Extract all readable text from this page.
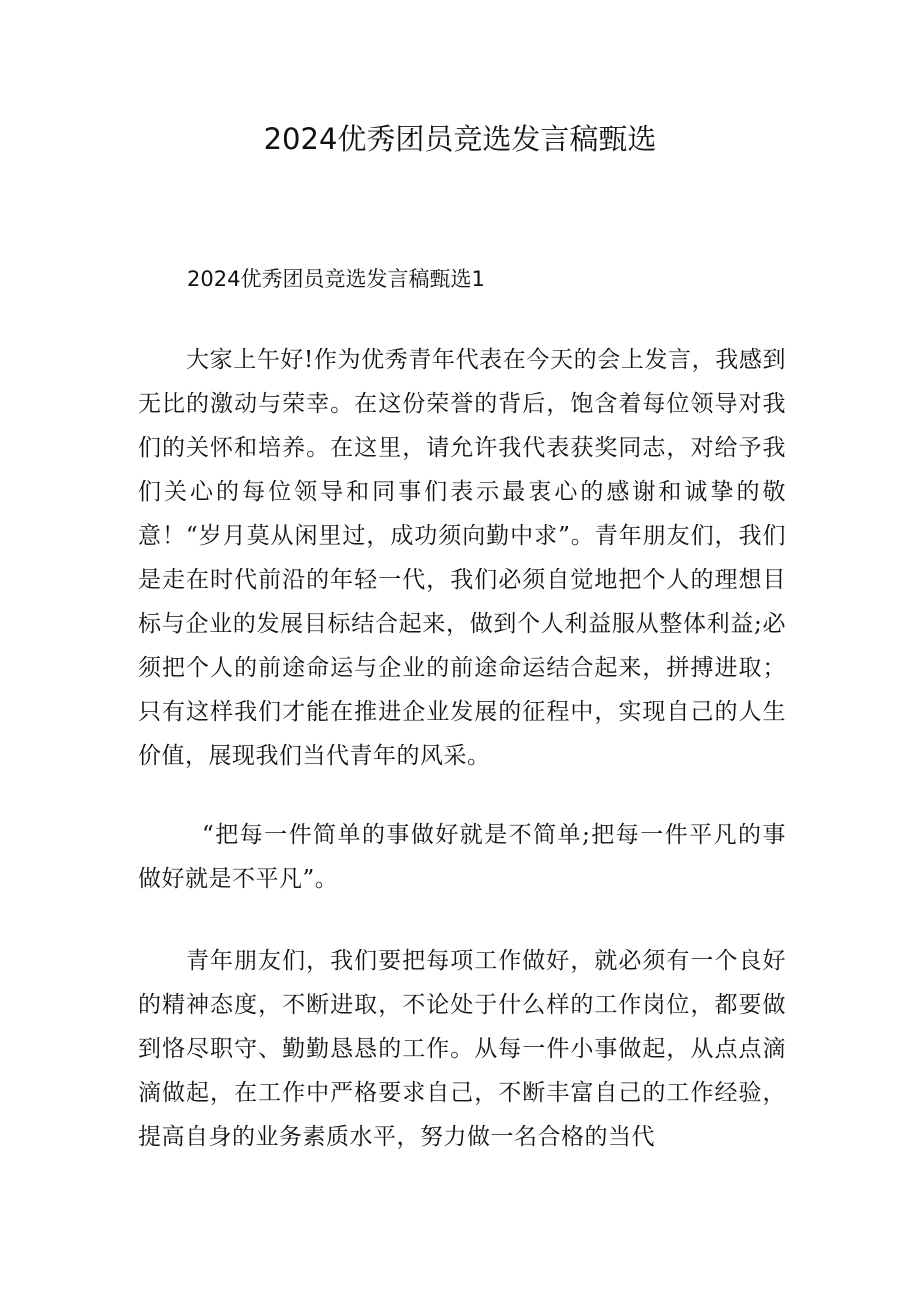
2024优秀团员竞选发言稿甄选
2024优秀团员竞选发言稿甄选1

大家上午好!作为优秀青年代表在今天的会上发言，我感到无比的激动与荣幸。在这份荣誉的背后，饱含着每位领导对我们的关怀和培养。在这里，请允许我代表获奖同志，对给予我们关心的每位领导和同事们表示最衷心的感谢和诚挚的敬意！“岁月莫从闲里过，成功须向勤中求”。青年朋友们，我们是走在时代前沿的年轻一代，我们必须自觉地把个人的理想目标与企业的发展目标结合起来，做到个人利益服从整体利益;必须把个人的前途命运与企业的前途命运结合起来，拼搏进取；只有这样我们才能在推进企业发展的征程中，实现自己的人生价值，展现我们当代青年的风采。

“把每一件简单的事做好就是不简单;把每一件平凡的事做好就是不平凡”。

青年朋友们，我们要把每项工作做好，就必须有一个良好的精神态度，不断进取，不论处于什么样的工作岗位，都要做到恪尽职守、勤勤恳恳的工作。从每一件小事做起，从点点滴滴做起，在工作中严格要求自己，不断丰富自己的工作经验，提高自身的业务素质水平，努力做一名合格的当代
